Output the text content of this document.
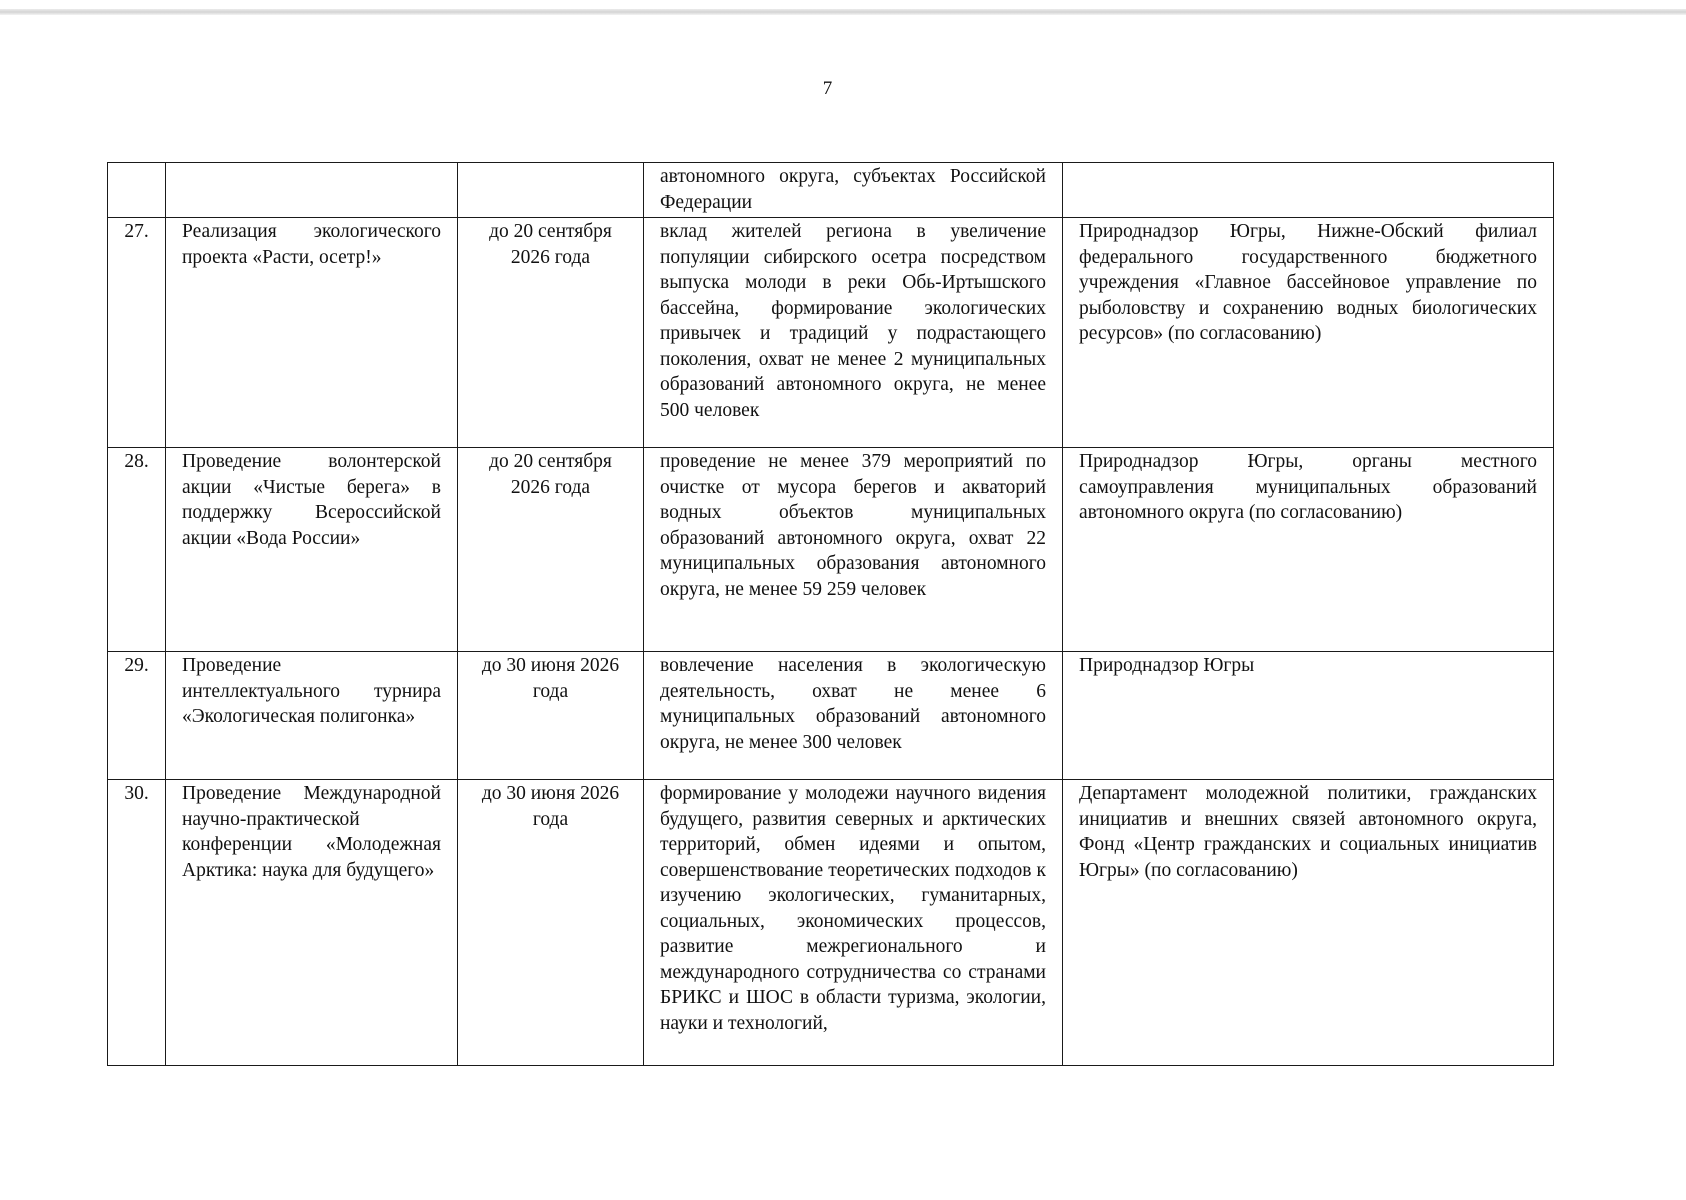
7
			автономного округа, субъектах Российской Федерации	
27.	Реализация экологического проекта «Расти, осетр!»	до 20 сентября 2026 года	вклад жителей региона в увеличение популяции сибирского осетра посредством выпуска молоди в реки Обь-Иртышского бассейна, формирование экологических привычек и традиций у подрастающего поколения, охват не менее 2 муниципальных образований автономного округа, не менее 500 человек	Природнадзор Югры, Нижне-Обский филиал федерального государственного бюджетного учреждения «Главное бассейновое управление по рыболовству и сохранению водных биологических ресурсов» (по согласованию)
28.	Проведение волонтерской акции «Чистые берега» в поддержку Всероссийской акции «Вода России»	до 20 сентября 2026 года	проведение не менее 379 мероприятий по очистке от мусора берегов и акваторий водных объектов муниципальных образований автономного округа, охват 22 муниципальных образования автономного округа, не менее 59 259 человек	Природнадзор Югры, органы местного самоуправления муниципальных образований автономного округа (по согласованию)
29.	Проведение интеллектуального турнира «Экологическая полигонка»	до 30 июня 2026 года	вовлечение населения в экологическую деятельность, охват не менее 6 муниципальных образований автономного округа, не менее 300 человек	Природнадзор Югры
30.	Проведение Международной научно-практической конференции «Молодежная Арктика: наука для будущего»	до 30 июня 2026 года	формирование у молодежи научного видения будущего, развития северных и арктических территорий, обмен идеями и опытом, совершенствование теоретических подходов к изучению экологических, гуманитарных, социальных, экономических процессов, развитие межрегионального и международного сотрудничества со странами БРИКС и ШОС в области туризма, экологии, науки и технологий,	Департамент молодежной политики, гражданских инициатив и внешних связей автономного округа, Фонд «Центр гражданских и социальных инициатив Югры» (по согласованию)
